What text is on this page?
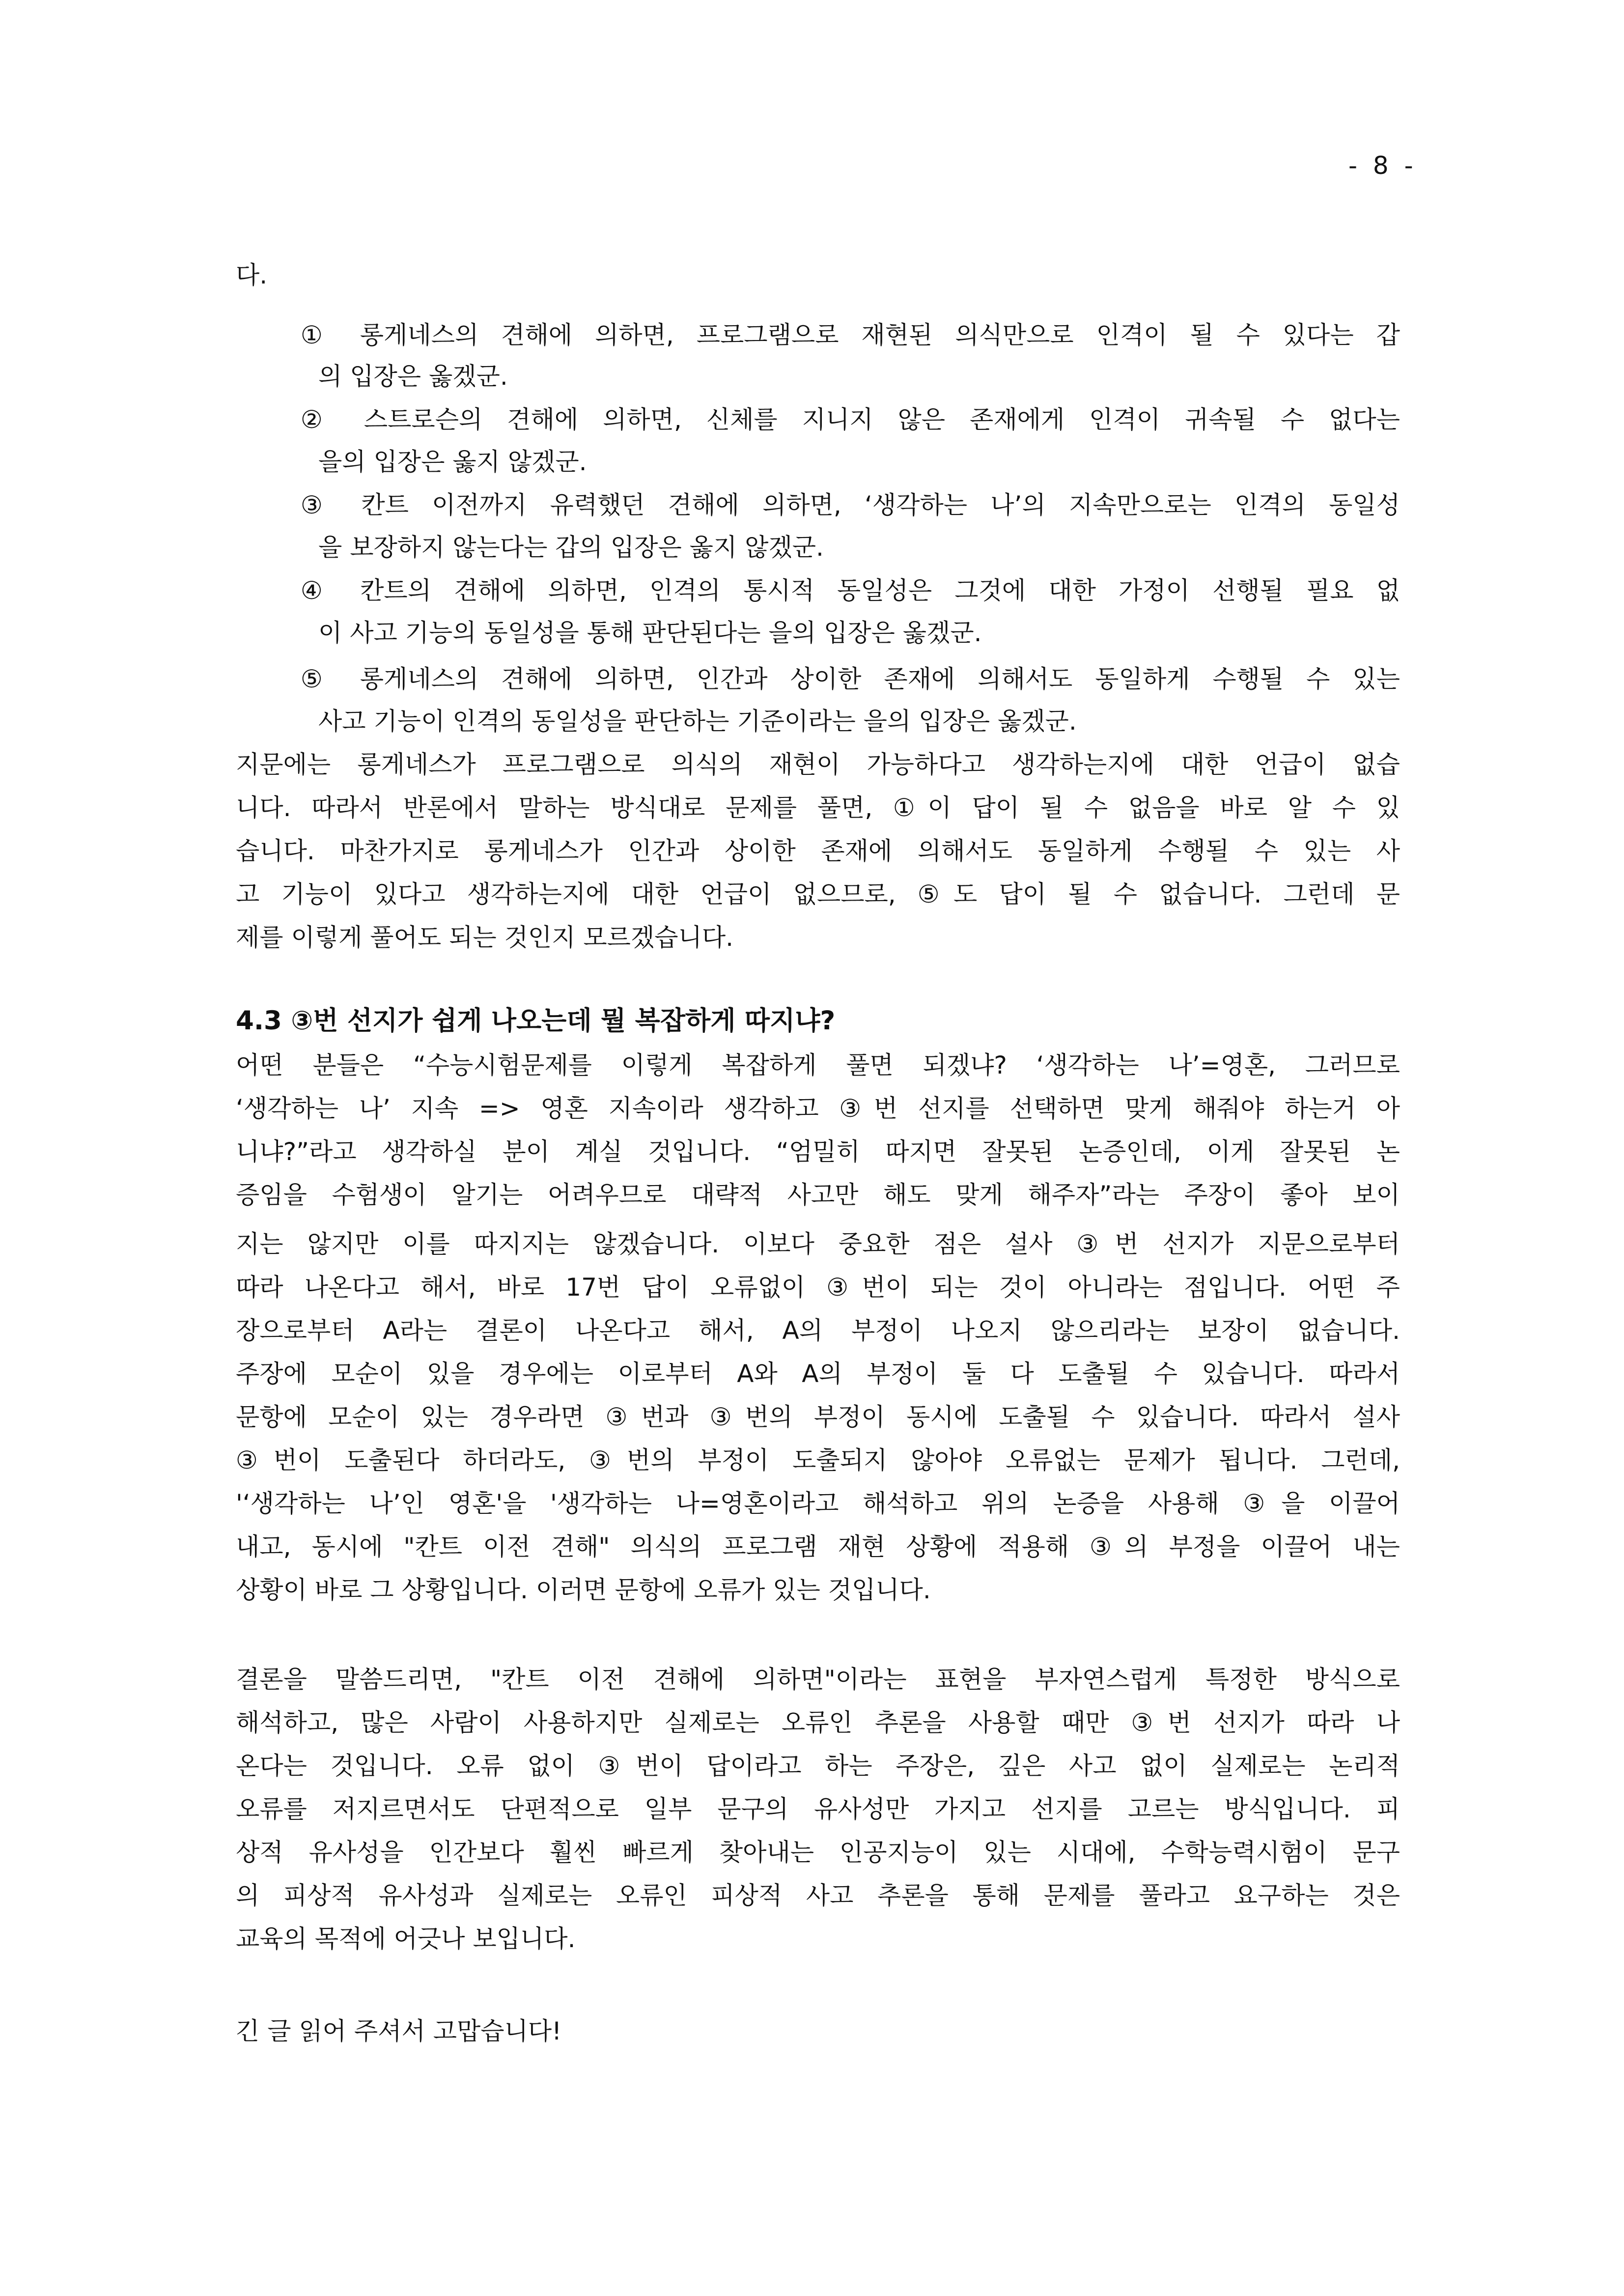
- 8 -
다.
① 롱게네스의 견해에 의하면, 프로그램으로 재현된 의식만으로 인격이 될 수 있다는 갑
의 입장은 옳겠군.
② 스트로슨의 견해에 의하면, 신체를 지니지 않은 존재에게 인격이 귀속될 수 없다는
을의 입장은 옳지 않겠군.
③ 칸트 이전까지 유력했던 견해에 의하면, ‘생각하는 나’의 지속만으로는 인격의 동일성
을 보장하지 않는다는 갑의 입장은 옳지 않겠군.
④ 칸트의 견해에 의하면, 인격의 통시적 동일성은 그것에 대한 가정이 선행될 필요 없
이 사고 기능의 동일성을 통해 판단된다는 을의 입장은 옳겠군.
⑤ 롱게네스의 견해에 의하면, 인간과 상이한 존재에 의해서도 동일하게 수행될 수 있는
사고 기능이 인격의 동일성을 판단하는 기준이라는 을의 입장은 옳겠군.
지문에는 롱게네스가 프로그램으로 의식의 재현이 가능하다고 생각하는지에 대한 언급이 없습
니다. 따라서 반론에서 말하는 방식대로 문제를 풀면, ①이 답이 될 수 없음을 바로 알 수 있
습니다. 마찬가지로 롱게네스가 인간과 상이한 존재에 의해서도 동일하게 수행될 수 있는 사
고 기능이 있다고 생각하는지에 대한 언급이 없으므로, ⑤도 답이 될 수 없습니다. 그런데 문
제를 이렇게 풀어도 되는 것인지 모르겠습니다.
4.3 ③번 선지가 쉽게 나오는데 뭘 복잡하게 따지냐?
어떤 분들은 “수능시험문제를 이렇게 복잡하게 풀면 되겠냐? ‘생각하는 나’=영혼, 그러므로
‘생각하는 나’ 지속 => 영혼 지속이라 생각하고 ③번 선지를 선택하면 맞게 해줘야 하는거 아
니냐?”라고 생각하실 분이 계실 것입니다. “엄밀히 따지면 잘못된 논증인데, 이게 잘못된 논
증임을 수험생이 알기는 어려우므로 대략적 사고만 해도 맞게 해주자”라는 주장이 좋아 보이
지는 않지만 이를 따지지는 않겠습니다. 이보다 중요한 점은 설사 ③번 선지가 지문으로부터
따라 나온다고 해서, 바로 17번 답이 오류없이 ③번이 되는 것이 아니라는 점입니다. 어떤 주
장으로부터 A라는 결론이 나온다고 해서, A의 부정이 나오지 않으리라는 보장이 없습니다.
주장에 모순이 있을 경우에는 이로부터 A와 A의 부정이 둘 다 도출될 수 있습니다. 따라서
문항에 모순이 있는 경우라면 ③번과 ③번의 부정이 동시에 도출될 수 있습니다. 따라서 설사
③번이 도출된다 하더라도, ③번의 부정이 도출되지 않아야 오류없는 문제가 됩니다. 그런데,
'‘생각하는 나’인 영혼'을 '생각하는 나=영혼이라고 해석하고 위의 논증을 사용해 ③을 이끌어
내고, 동시에 "칸트 이전 견해" 의식의 프로그램 재현 상황에 적용해 ③의 부정을 이끌어 내는
상황이 바로 그 상황입니다. 이러면 문항에 오류가 있는 것입니다.
결론을 말씀드리면, "칸트 이전 견해에 의하면"이라는 표현을 부자연스럽게 특정한 방식으로
해석하고, 많은 사람이 사용하지만 실제로는 오류인 추론을 사용할 때만 ③번 선지가 따라 나
온다는 것입니다. 오류 없이 ③번이 답이라고 하는 주장은, 깊은 사고 없이 실제로는 논리적
오류를 저지르면서도 단편적으로 일부 문구의 유사성만 가지고 선지를 고르는 방식입니다. 피
상적 유사성을 인간보다 훨씬 빠르게 찾아내는 인공지능이 있는 시대에, 수학능력시험이 문구
의 피상적 유사성과 실제로는 오류인 피상적 사고 추론을 통해 문제를 풀라고 요구하는 것은
교육의 목적에 어긋나 보입니다.
긴 글 읽어 주셔서 고맙습니다!
